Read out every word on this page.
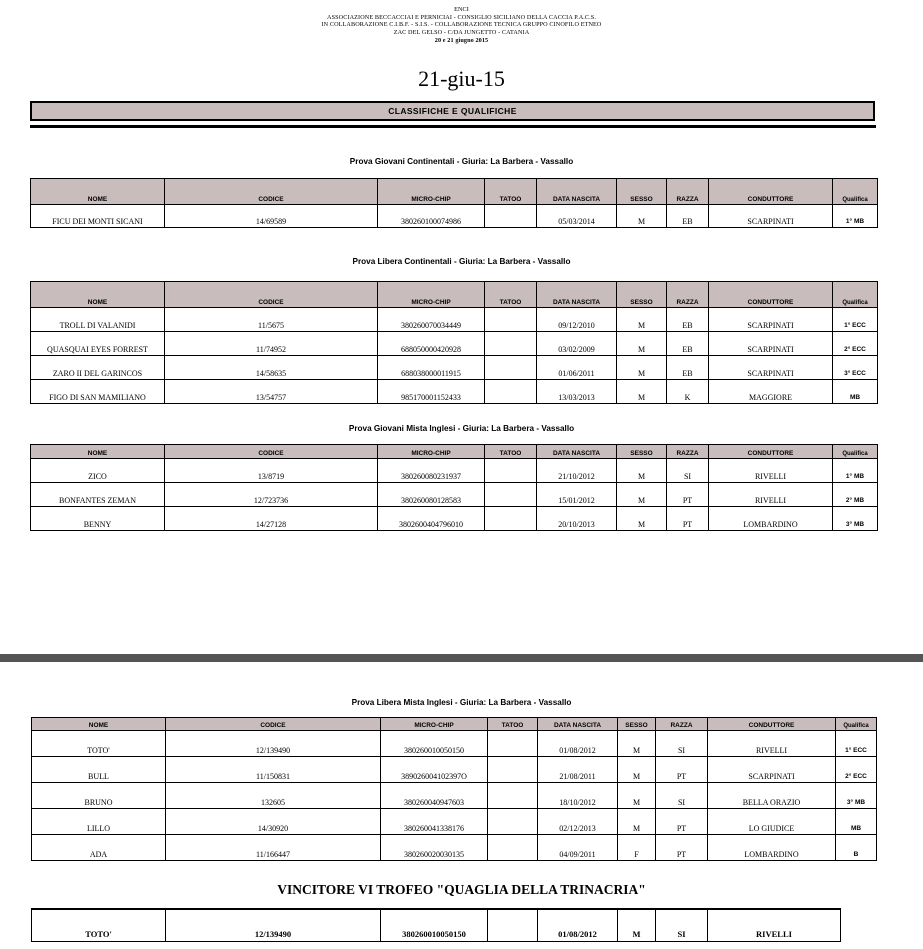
ENCI
ASSOCIAZIONE BECCACCIAI E PERNICIAI - CONSIGLIO SICILIANO DELLA CACCIA P.A.C.S.
IN COLLABORAZIONE C.I.B.F. - S.I.S. - COLLABORAZIONE TECNICA GRUPPO CINOFILO ETNEO
ZAC DEL GELSO - C/DA JUNGETTO - CATANIA
20 e 21 giugno 2015
21-giu-15
CLASSIFICHE E QUALIFICHE
Prova Giovani Continentali - Giuria: La Barbera - Vassallo
NOME	CODICE	MICRO-CHIP	TATOO	DATA NASCITA	SESSO	RAZZA	CONDUTTORE	Qualifica
FICU DEI MONTI SICANI	14/69589	380260100074986		05/03/2014	M	EB	SCARPINATI	1° MB
Prova Libera Continentali - Giuria: La Barbera - Vassallo
NOME	CODICE	MICRO-CHIP	TATOO	DATA NASCITA	SESSO	RAZZA	CONDUTTORE	Qualifica
TROLL DI VALANIDI	11/5675	380260070034449		09/12/2010	M	EB	SCARPINATI	1° ECC
QUASQUAI EYES FORREST	11/74952	688050000420928		03/02/2009	M	EB	SCARPINATI	2° ECC
ZARO II DEL GARINCOS	14/58635	688038000011915		01/06/2011	M	EB	SCARPINATI	3° ECC
FIGO DI SAN MAMILIANO	13/54757	985170001152433		13/03/2013	M	K	MAGGIORE	MB
Prova Giovani Mista Inglesi - Giuria: La Barbera - Vassallo
NOME	CODICE	MICRO-CHIP	TATOO	DATA NASCITA	SESSO	RAZZA	CONDUTTORE	Qualifica
ZICO	13/8719	380260080231937		21/10/2012	M	SI	RIVELLI	1° MB
BONFANTES ZEMAN	12/723736	380260080128583		15/01/2012	M	PT	RIVELLI	2° MB
BENNY	14/27128	3802600404796010		20/10/2013	M	PT	LOMBARDINO	3° MB
Prova Libera Mista Inglesi - Giuria: La Barbera - Vassallo
NOME	CODICE	MICRO-CHIP	TATOO	DATA NASCITA	SESSO	RAZZA	CONDUTTORE	Qualifica
TOTO'	12/139490	380260010050150		01/08/2012	M	SI	RIVELLI	1° ECC
BULL	11/150831	389026004102397O		21/08/2011	M	PT	SCARPINATI	2° ECC
BRUNO	132605	380260040947603		18/10/2012	M	SI	BELLA ORAZIO	3° MB
LILLO	14/30920	380260041338176		02/12/2013	M	PT	LO GIUDICE	MB
ADA	11/166447	380260020030135		04/09/2011	F	PT	LOMBARDINO	B
VINCITORE VI TROFEO "QUAGLIA DELLA TRINACRIA"
TOTO'	12/139490	380260010050150		01/08/2012	M	SI	RIVELLI
